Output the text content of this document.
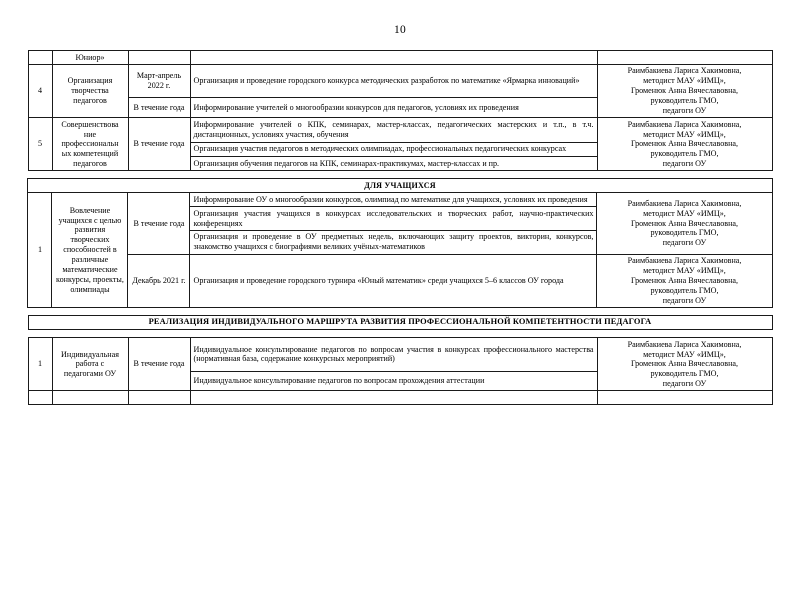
10
	Юниор»			
4	Организация творчества педагогов	Март-апрель 2022 г.	Организация и проведение городского конкурса методических разработок по математике «Ярмарка инноваций»	Раимбакиева Лариса Хакимовна,
методист МАУ «ИМЦ»,
Громенюк Анна Вячеславовна,
руководитель ГМО,
педагоги ОУ

		В течение года	Информирование учителей о многообразии конкурсов для педагогов, условиях их проведения	
5	Совершенствова
ние
профессиональн
ых компетенций
педагогов	В течение года	Информирование учителей о КПК, семинарах, мастер-классах, педагогических мастерских и т.п., в т.ч. дистанционных, условиях участия, обучения	Раимбакиева Лариса Хакимовна,
методист МАУ «ИМЦ»,
Громенюк Анна Вячеславовна,
руководитель ГМО,
педагоги ОУ

			Организация участия педагогов в методических олимпиадах, профессиональных педагогических конкурсах	
			Организация обучения педагогов на КПК, семинарах-практикумах, мастер-классах и пр.	
ДЛЯ УЧАЩИХСЯ				
1	Вовлечение учащихся с целью развития творческих способностей в различные математические конкурсы, проекты, олимпиады	В течение года	Информирование ОУ о многообразии конкурсов, олимпиад по математике для учащихся, условиях их проведения	Раимбакиева Лариса Хакимовна,
методист МАУ «ИМЦ»,
Громенюк Анна Вячеславовна,
руководитель ГМО,
педагоги ОУ

			Организация участия учащихся в конкурсах исследовательских и творческих работ, научно-практических конференциях	
			Организация и проведение в ОУ предметных недель, включающих защиту проектов, викторин, конкурсов, знакомство учащихся с биографиями великих учёных-математиков	
		Декабрь 2021 г.	Организация и проведение городского турнира «Юный математик» среди учащихся 5–6 классов ОУ города	Раимбакиева Лариса Хакимовна,
методист МАУ «ИМЦ»,
Громенюк Анна Вячеславовна,
руководитель ГМО,
педагоги ОУ
РЕАЛИЗАЦИЯ ИНДИВИДУАЛЬНОГО МАРШРУТА РАЗВИТИЯ ПРОФЕССИОНАЛЬНОЙ КОМПЕТЕНТНОСТИ ПЕДАГОГА
1	Индивидуальная работа с педагогами ОУ	В течение года	Индивидуальное консультирование педагогов по вопросам участия в конкурсах профессионального мастерства (нормативная база, содержание конкурсных мероприятий)	Раимбакиева Лариса Хакимовна,
методист МАУ «ИМЦ»,
Громенюк Анна Вячеславовна,
руководитель ГМО,
педагоги ОУ

			Индивидуальное консультирование педагогов по вопросам прохождения аттестации	
